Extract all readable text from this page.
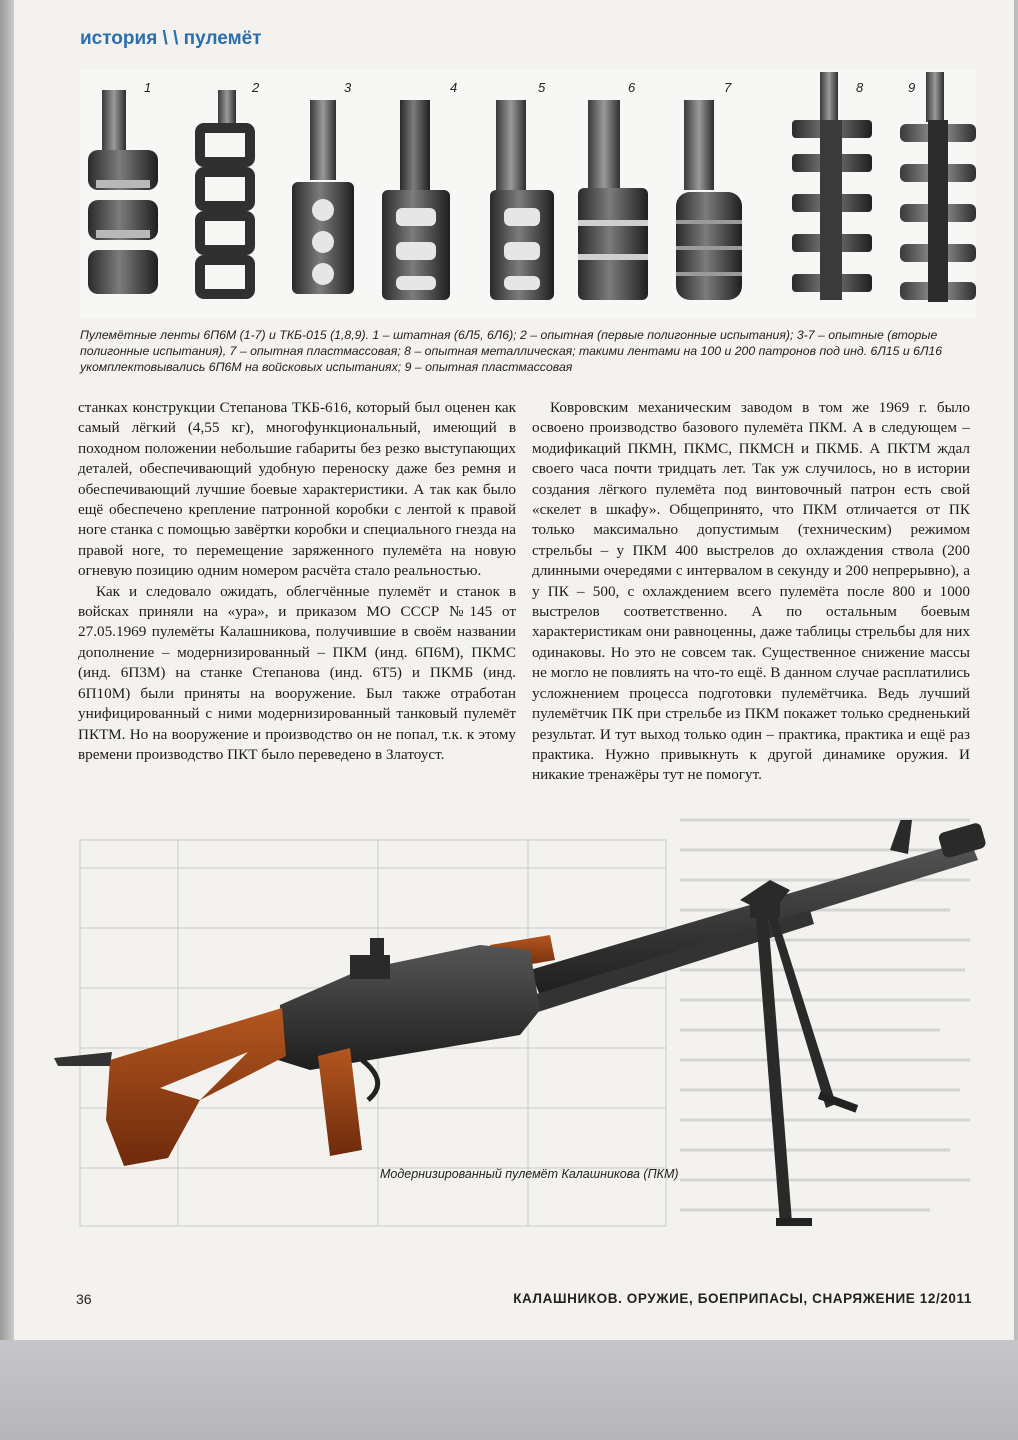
история \ \ пулемёт
1	2	3	4	5	6	7	8	9
Пулемётные ленты 6П6М (1-7) и ТКБ-015 (1,8,9). 1 – штатная (6Л5, 6Л6); 2 – опытная (первые полигонные испытания); 3-7 – опытные (вторые полигонные испытания), 7 – опытная пластмассовая; 8 – опытная металлическая; такими лентами на 100 и 200 патронов под инд. 6Л15 и 6Л16 укомплектовывались 6П6М на войсковых испытаниях; 9 – опытная пластмассовая

станках конструкции Степанова ТКБ-616, который был оценен как самый лёгкий (4,55 кг), многофункциональный, имеющий в походном положении небольшие габариты без резко выступающих деталей, обеспечивающий удобную переноску даже без ремня и обеспечивающий лучшие боевые характеристики. А так как было ещё обеспечено крепление патронной коробки с лентой к правой ноге станка с помощью завёртки коробки и специального гнезда на правой ноге, то перемещение заряженного пулемёта на новую огневую позицию одним номером расчёта стало реальностью.

Как и следовало ожидать, облегчённые пулемёт и станок в войсках приняли на «ура», и приказом МО СССР №145 от 27.05.1969 пулемёты Калашникова, получившие в своём названии дополнение – модернизированный – ПКМ (инд. 6П6М), ПКМС (инд. 6П3М) на станке Степанова (инд. 6Т5) и ПКМБ (инд. 6П10М) были приняты на вооружение. Был также отработан унифицированный с ними модернизированный танковый пулемёт ПКТМ. Но на вооружение и производство он не попал, т.к. к этому времени производство ПКТ было переведено в Златоуст.

Ковровским механическим заводом в том же 1969 г. было освоено производство базового пулемёта ПКМ. А в следующем – модификаций ПКМН, ПКМС, ПКМСН и ПКМБ. А ПКТМ ждал своего часа почти тридцать лет. Так уж случилось, но в истории создания лёгкого пулемёта под винтовочный патрон есть свой «скелет в шкафу». Общепринято, что ПКМ отличается от ПК только максимально допустимым (техническим) режимом стрельбы – у ПКМ 400 выстрелов до охлаждения ствола (200 длинными очередями с интервалом в секунду и 200 непрерывно), а у ПК – 500, с охлаждением всего пулемёта после 800 и 1000 выстрелов соответственно. А по остальным боевым характеристикам они равноценны, даже таблицы стрельбы для них одинаковы. Но это не совсем так. Существенное снижение массы не могло не повлиять на что-то ещё. В данном случае расплатились усложнением процесса подготовки пулемётчика. Ведь лучший пулемётчик ПК при стрельбе из ПКМ покажет только средненький результат. И тут выход только один – практика, практика и ещё раз практика. Нужно привыкнуть к другой динамике оружия. И никакие тренажёры тут не помогут.

Модернизированный пулемёт Калашникова (ПКМ)
36	КАЛАШНИКОВ. ОРУЖИЕ, БОЕПРИПАСЫ, СНАРЯЖЕНИЕ 12/2011
